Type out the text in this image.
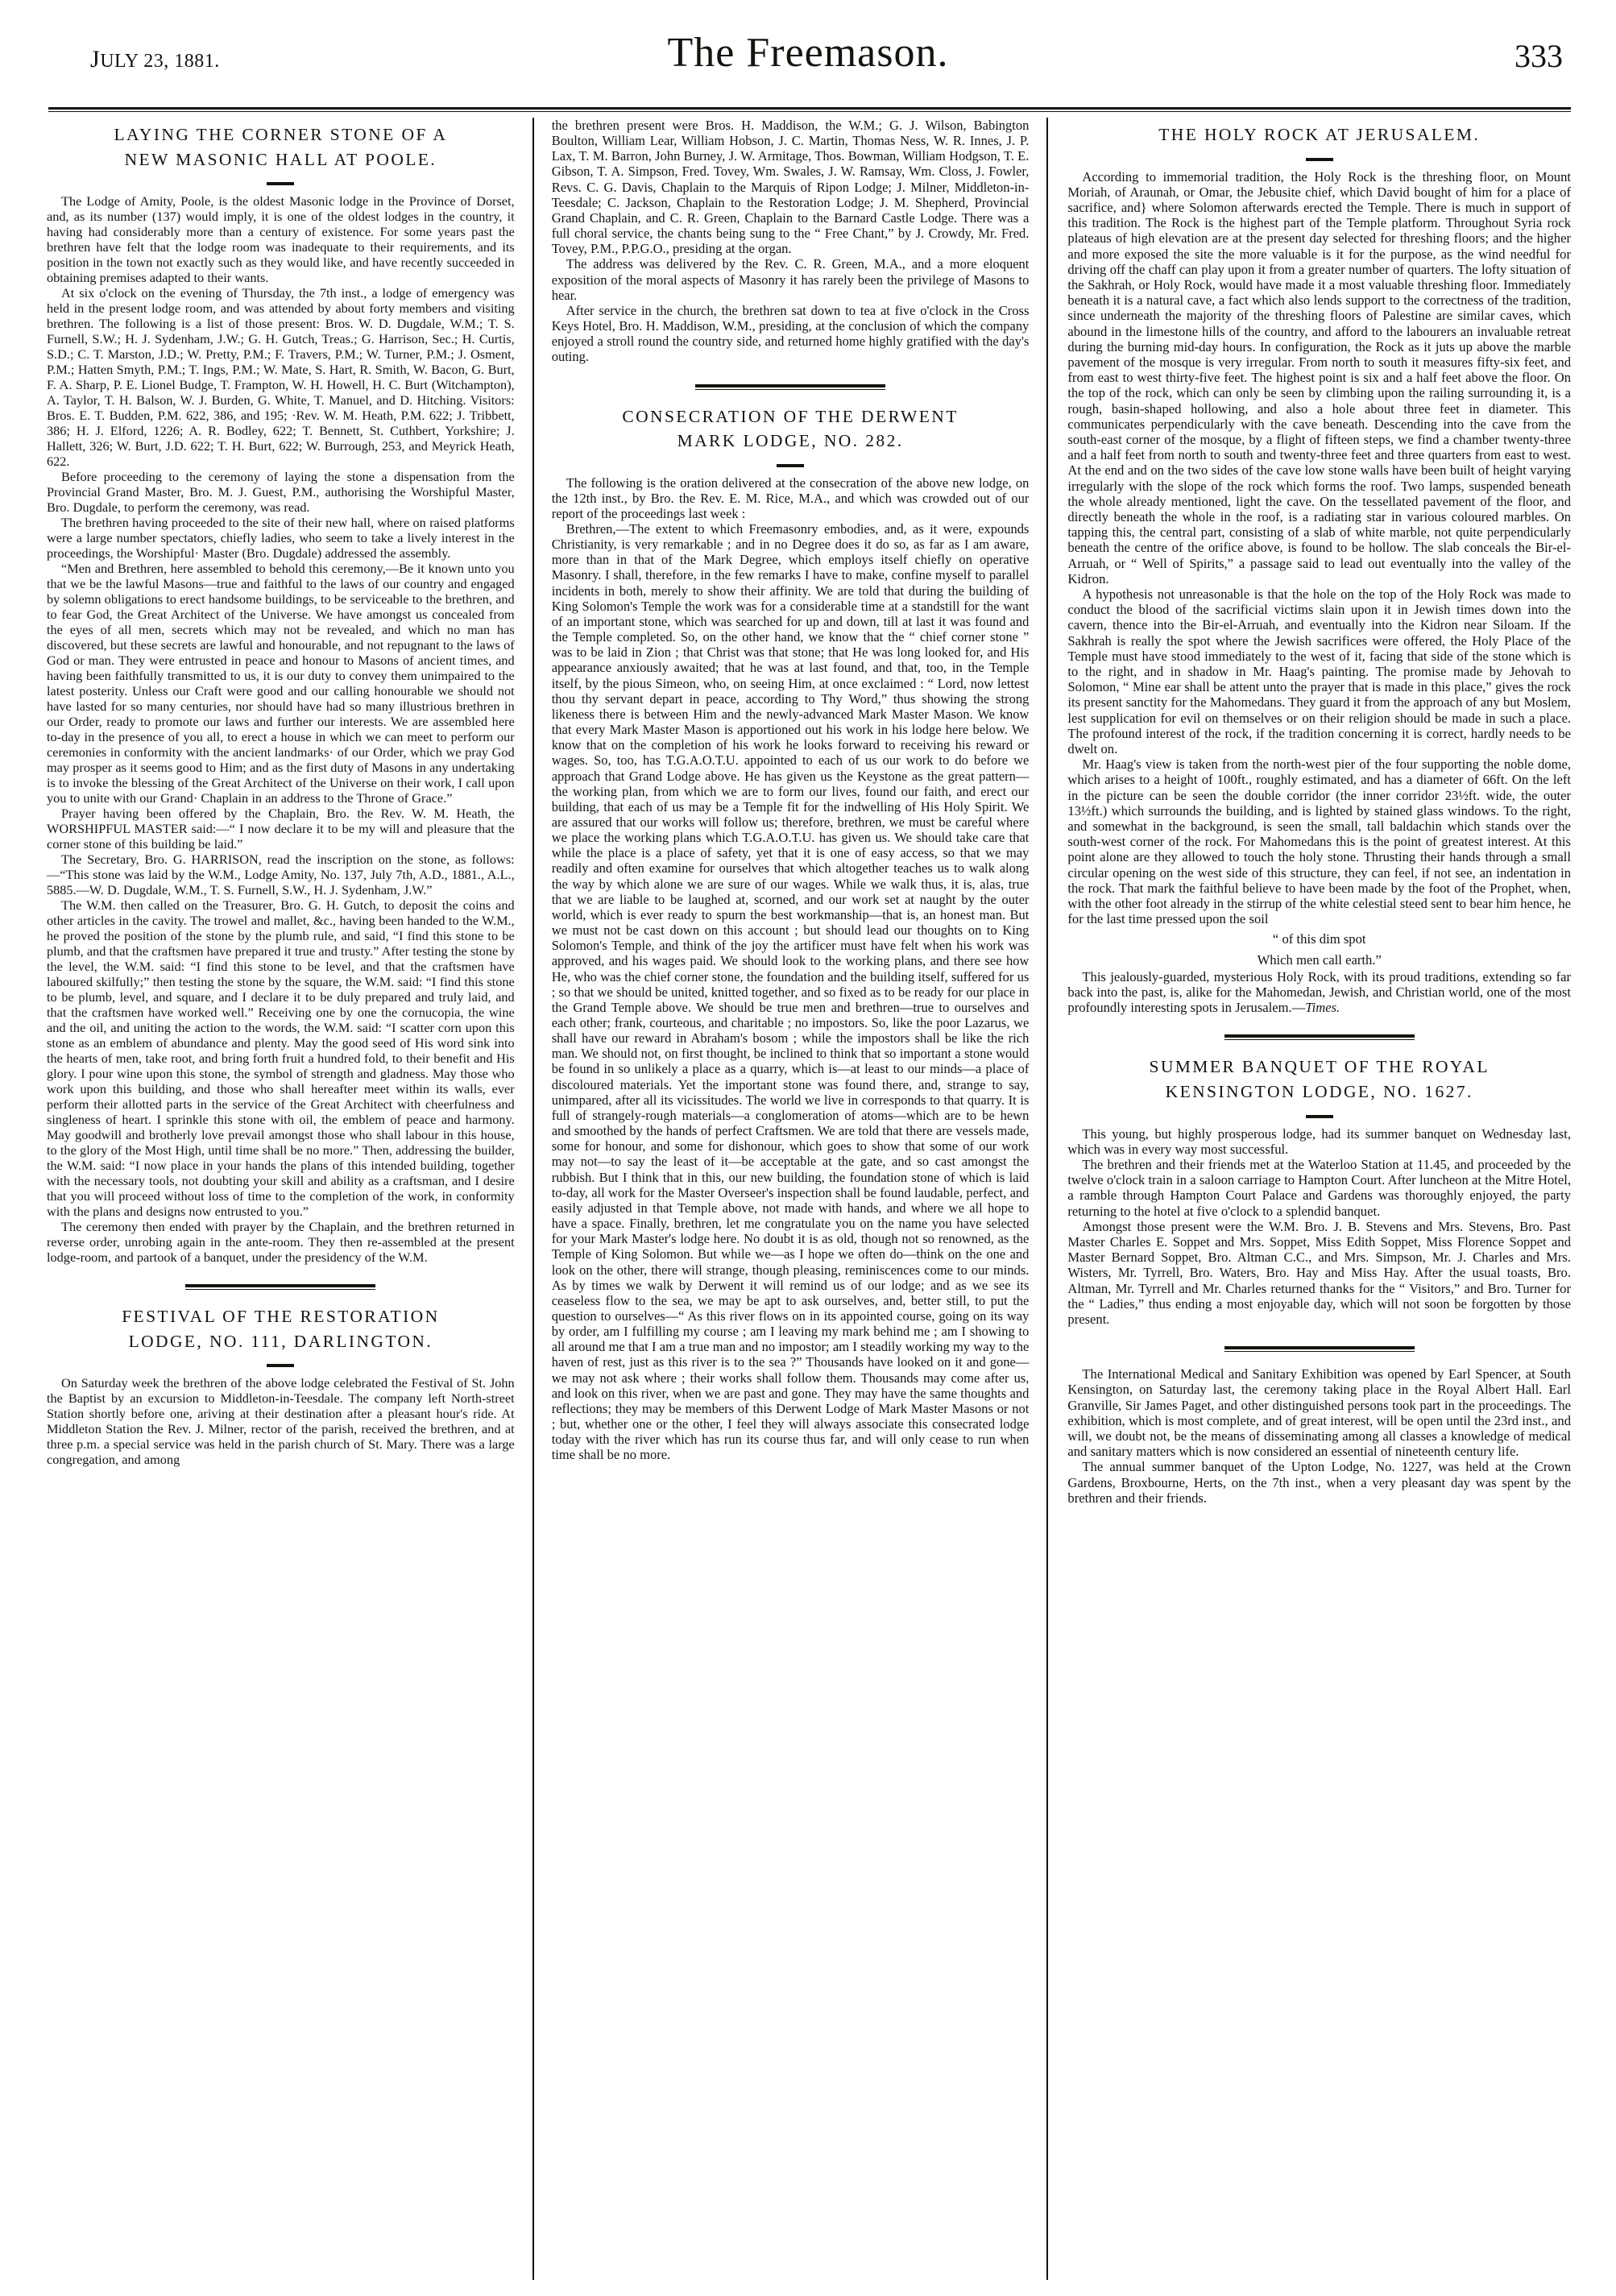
JULY 23, 1881.	333
The Freemason.
LAYING THE CORNER STONE OF A
NEW MASONIC HALL AT POOLE.

The Lodge of Amity, Poole, is the oldest Masonic lodge in the Province of Dorset, and, as its number (137) would imply, it is one of the oldest lodges in the country, it having had considerably more than a century of existence. For some years past the brethren have felt that the lodge room was inadequate to their requirements, and its position in the town not exactly such as they would like, and have recently succeeded in obtaining premises adapted to their wants.

At six o'clock on the evening of Thursday, the 7th inst., a lodge of emergency was held in the present lodge room, and was attended by about forty members and visiting brethren. The following is a list of those present: Bros. W. D. Dugdale, W.M.; T. S. Furnell, S.W.; H. J. Sydenham, J.W.; G. H. Gutch, Treas.; G. Harrison, Sec.; H. Curtis, S.D.; C. T. Marston, J.D.; W. Pretty, P.M.; F. Travers, P.M.; W. Turner, P.M.; J. Osment, P.M.; Hatten Smyth, P.M.; T. Ings, P.M.; W. Mate, S. Hart, R. Smith, W. Bacon, G. Burt, F. A. Sharp, P. E. Lionel Budge, T. Frampton, W. H. Howell, H. C. Burt (Witchampton), A. Taylor, T. H. Balson, W. J. Burden, G. White, T. Manuel, and D. Hitching. Visitors: Bros. E. T. Budden, P.M. 622, 386, and 195; ·Rev. W. M. Heath, P.M. 622; J. Tribbett, 386; H. J. Elford, 1226; A. R. Bodley, 622; T. Bennett, St. Cuthbert, Yorkshire; J. Hallett, 326; W. Burt, J.D. 622; T. H. Burt, 622; W. Burrough, 253, and Meyrick Heath, 622.

Before proceeding to the ceremony of laying the stone a dispensation from the Provincial Grand Master, Bro. M. J. Guest, P.M., authorising the Worshipful Master, Bro. Dugdale, to perform the ceremony, was read.

The brethren having proceeded to the site of their new hall, where on raised platforms were a large number spectators, chiefly ladies, who seem to take a lively interest in the proceedings, the Worshipful· Master (Bro. Dugdale) addressed the assembly.

“Men and Brethren, here assembled to behold this ceremony,—Be it known unto you that we be the lawful Masons—true and faithful to the laws of our country and engaged by solemn obligations to erect handsome buildings, to be serviceable to the brethren, and to fear God, the Great Architect of the Universe. We have amongst us concealed from the eyes of all men, secrets which may not be revealed, and which no man has discovered, but these secrets are lawful and honourable, and not repugnant to the laws of God or man. They were entrusted in peace and honour to Masons of ancient times, and having been faithfully transmitted to us, it is our duty to convey them unimpaired to the latest posterity. Unless our Craft were good and our calling honourable we should not have lasted for so many centuries, nor should have had so many illustrious brethren in our Order, ready to promote our laws and further our interests. We are assembled here to-day in the presence of you all, to erect a house in which we can meet to perform our ceremonies in conformity with the ancient landmarks· of our Order, which we pray God may prosper as it seems good to Him; and as the first duty of Masons in any undertaking is to invoke the blessing of the Great Architect of the Universe on their work, I call upon you to unite with our Grand· Chaplain in an address to the Throne of Grace.”

Prayer having been offered by the Chaplain, Bro. the Rev. W. M. Heath, the WORSHIPFUL MASTER said:—“ I now declare it to be my will and pleasure that the corner stone of this building be laid.”

The Secretary, Bro. G. HARRISON, read the inscription on the stone, as follows:—“This stone was laid by the W.M., Lodge Amity, No. 137, July 7th, A.D., 1881., A.L., 5885.—W. D. Dugdale, W.M., T. S. Furnell, S.W., H. J. Sydenham, J.W.”

The W.M. then called on the Treasurer, Bro. G. H. Gutch, to deposit the coins and other articles in the cavity. The trowel and mallet, &c., having been handed to the W.M., he proved the position of the stone by the plumb rule, and said, “I find this stone to be plumb, and that the craftsmen have prepared it true and trusty.” After testing the stone by the level, the W.M. said: “I find this stone to be level, and that the craftsmen have laboured skilfully;” then testing the stone by the square, the W.M. said: “I find this stone to be plumb, level, and square, and I declare it to be duly prepared and truly laid, and that the craftsmen have worked well.” Receiving one by one the cornucopia, the wine and the oil, and uniting the action to the words, the W.M. said: “I scatter corn upon this stone as an emblem of abundance and plenty. May the good seed of His word sink into the hearts of men, take root, and bring forth fruit a hundred fold, to their benefit and His glory. I pour wine upon this stone, the symbol of strength and gladness. May those who work upon this building, and those who shall hereafter meet within its walls, ever perform their allotted parts in the service of the Great Architect with cheerfulness and singleness of heart. I sprinkle this stone with oil, the emblem of peace and harmony. May goodwill and brotherly love prevail amongst those who shall labour in this house, to the glory of the Most High, until time shall be no more.” Then, addressing the builder, the W.M. said: “I now place in your hands the plans of this intended building, together with the necessary tools, not doubting your skill and ability as a craftsman, and I desire that you will proceed without loss of time to the completion of the work, in conformity with the plans and designs now entrusted to you.”

The ceremony then ended with prayer by the Chaplain, and the brethren returned in reverse order, unrobing again in the ante-room. They then re-assembled at the present lodge-room, and partook of a banquet, under the presidency of the W.M.

FESTIVAL OF THE RESTORATION
LODGE, NO. 111, DARLINGTON.

On Saturday week the brethren of the above lodge celebrated the Festival of St. John the Baptist by an excursion to Middleton-in-Teesdale. The company left North-street Station shortly before one, ariving at their destination after a pleasant hour's ride. At Middleton Station the Rev. J. Milner, rector of the parish, received the brethren, and at three p.m. a special service was held in the parish church of St. Mary. There was a large congregation, and among

the brethren present were Bros. H. Maddison, the W.M.; G. J. Wilson, Babington Boulton, William Lear, William Hobson, J. C. Martin, Thomas Ness, W. R. Innes, J. P. Lax, T. M. Barron, John Burney, J. W. Armitage, Thos. Bowman, William Hodgson, T. E. Gibson, T. A. Simpson, Fred. Tovey, Wm. Swales, J. W. Ramsay, Wm. Closs, J. Fowler, Revs. C. G. Davis, Chaplain to the Marquis of Ripon Lodge; J. Milner, Middleton-in-Teesdale; C. Jackson, Chaplain to the Restoration Lodge; J. M. Shepherd, Provincial Grand Chaplain, and C. R. Green, Chaplain to the Barnard Castle Lodge. There was a full choral service, the chants being sung to the “ Free Chant,” by J. Crowdy, Mr. Fred. Tovey, P.M., P.P.G.O., presiding at the organ.

The address was delivered by the Rev. C. R. Green, M.A., and a more eloquent exposition of the moral aspects of Masonry it has rarely been the privilege of Masons to hear.

After service in the church, the brethren sat down to tea at five o'clock in the Cross Keys Hotel, Bro. H. Maddison, W.M., presiding, at the conclusion of which the company enjoyed a stroll round the country side, and returned home highly gratified with the day's outing.

CONSECRATION OF THE DERWENT
MARK LODGE, NO. 282.

The following is the oration delivered at the consecration of the above new lodge, on the 12th inst., by Bro. the Rev. E. M. Rice, M.A., and which was crowded out of our report of the proceedings last week :

Brethren,—The extent to which Freemasonry embodies, and, as it were, expounds Christianity, is very remarkable ; and in no Degree does it do so, as far as I am aware, more than in that of the Mark Degree, which employs itself chiefly on operative Masonry. I shall, therefore, in the few remarks I have to make, confine myself to parallel incidents in both, merely to show their affinity. We are told that during the building of King Solomon's Temple the work was for a considerable time at a standstill for the want of an important stone, which was searched for up and down, till at last it was found and the Temple completed. So, on the other hand, we know that the “ chief corner stone ” was to be laid in Zion ; that Christ was that stone; that He was long looked for, and His appearance anxiously awaited; that he was at last found, and that, too, in the Temple itself, by the pious Simeon, who, on seeing Him, at once exclaimed : “ Lord, now lettest thou thy servant depart in peace, according to Thy Word,” thus showing the strong likeness there is between Him and the newly-advanced Mark Master Mason. We know that every Mark Master Mason is apportioned out his work in his lodge here below. We know that on the completion of his work he looks forward to receiving his reward or wages. So, too, has T.G.A.O.T.U. appointed to each of us our work to do before we approach that Grand Lodge above. He has given us the Keystone as the great pattern—the working plan, from which we are to form our lives, found our faith, and erect our building, that each of us may be a Temple fit for the indwelling of His Holy Spirit. We are assured that our works will follow us; therefore, brethren, we must be careful where we place the working plans which T.G.A.O.T.U. has given us. We should take care that while the place is a place of safety, yet that it is one of easy access, so that we may readily and often examine for ourselves that which altogether teaches us to walk along the way by which alone we are sure of our wages. While we walk thus, it is, alas, true that we are liable to be laughed at, scorned, and our work set at naught by the outer world, which is ever ready to spurn the best workmanship—that is, an honest man. But we must not be cast down on this account ; but should lead our thoughts on to King Solomon's Temple, and think of the joy the artificer must have felt when his work was approved, and his wages paid. We should look to the working plans, and there see how He, who was the chief corner stone, the foundation and the building itself, suffered for us ; so that we should be united, knitted together, and so fixed as to be ready for our place in the Grand Temple above. We should be true men and brethren—true to ourselves and each other; frank, courteous, and charitable ; no impostors. So, like the poor Lazarus, we shall have our reward in Abraham's bosom ; while the impostors shall be like the rich man. We should not, on first thought, be inclined to think that so important a stone would be found in so unlikely a place as a quarry, which is—at least to our minds—a place of discoloured materials. Yet the important stone was found there, and, strange to say, unimpared, after all its vicissitudes. The world we live in corresponds to that quarry. It is full of strangely-rough materials—a conglomeration of atoms—which are to be hewn and smoothed by the hands of perfect Craftsmen. We are told that there are vessels made, some for honour, and some for dishonour, which goes to show that some of our work may not—to say the least of it—be acceptable at the gate, and so cast amongst the rubbish. But I think that in this, our new building, the foundation stone of which is laid to-day, all work for the Master Overseer's inspection shall be found laudable, perfect, and easily adjusted in that Temple above, not made with hands, and where we all hope to have a space. Finally, brethren, let me congratulate you on the name you have selected for your Mark Master's lodge here. No doubt it is as old, though not so renowned, as the Temple of King Solomon. But while we—as I hope we often do—think on the one and look on the other, there will strange, though pleasing, reminiscences come to our minds. As by times we walk by Derwent it will remind us of our lodge; and as we see its ceaseless flow to the sea, we may be apt to ask ourselves, and, better still, to put the question to ourselves—“ As this river flows on in its appointed course, going on its way by order, am I fulfilling my course ; am I leaving my mark behind me ; am I showing to all around me that I am a true man and no impostor; am I steadily working my way to the haven of rest, just as this river is to the sea ?” Thousands have looked on it and gone—we may not ask where ; their works shall follow them. Thousands may come after us, and look on this river, when we are past and gone. They may have the same thoughts and reflections; they may be members of this Derwent Lodge of Mark Master Masons or not ; but, whether one or the other, I feel they will always associate this consecrated lodge today with the river which has run its course thus far, and will only cease to run when time shall be no more.

THE HOLY ROCK AT JERUSALEM.

According to immemorial tradition, the Holy Rock is the threshing floor, on Mount Moriah, of Araunah, or Omar, the Jebusite chief, which David bought of him for a place of sacrifice, and} where Solomon afterwards erected the Temple. There is much in support of this tradition. The Rock is the highest part of the Temple platform. Throughout Syria rock plateaus of high elevation are at the present day selected for threshing floors; and the higher and more exposed the site the more valuable is it for the purpose, as the wind needful for driving off the chaff can play upon it from a greater number of quarters. The lofty situation of the Sakhrah, or Holy Rock, would have made it a most valuable threshing floor. Immediately beneath it is a natural cave, a fact which also lends support to the correctness of the tradition, since underneath the majority of the threshing floors of Palestine are similar caves, which abound in the limestone hills of the country, and afford to the labourers an invaluable retreat during the burning mid-day hours. In configuration, the Rock as it juts up above the marble pavement of the mosque is very irregular. From north to south it measures fifty-six feet, and from east to west thirty-five feet. The highest point is six and a half feet above the floor. On the top of the rock, which can only be seen by climbing upon the railing surrounding it, is a rough, basin-shaped hollowing, and also a hole about three feet in diameter. This communicates perpendicularly with the cave beneath. Descending into the cave from the south-east corner of the mosque, by a flight of fifteen steps, we find a chamber twenty-three and a half feet from north to south and twenty-three feet and three quarters from east to west. At the end and on the two sides of the cave low stone walls have been built of height varying irregularly with the slope of the rock which forms the roof. Two lamps, suspended beneath the whole already mentioned, light the cave. On the tessellated pavement of the floor, and directly beneath the whole in the roof, is a radiating star in various coloured marbles. On tapping this, the central part, consisting of a slab of white marble, not quite perpendicularly beneath the centre of the orifice above, is found to be hollow. The slab conceals the Bir-el-Arruah, or “ Well of Spirits,” a passage said to lead out eventually into the valley of the Kidron.

A hypothesis not unreasonable is that the hole on the top of the Holy Rock was made to conduct the blood of the sacrificial victims slain upon it in Jewish times down into the cavern, thence into the Bir-el-Arruah, and eventually into the Kidron near Siloam. If the Sakhrah is really the spot where the Jewish sacrifices were offered, the Holy Place of the Temple must have stood immediately to the west of it, facing that side of the stone which is to the right, and in shadow in Mr. Haag's painting. The promise made by Jehovah to Solomon, “ Mine ear shall be attent unto the prayer that is made in this place,” gives the rock its present sanctity for the Mahomedans. They guard it from the approach of any but Moslem, lest supplication for evil on themselves or on their religion should be made in such a place. The profound interest of the rock, if the tradition concerning it is correct, hardly needs to be dwelt on.

Mr. Haag's view is taken from the north-west pier of the four supporting the noble dome, which arises to a height of 100ft., roughly estimated, and has a diameter of 66ft. On the left in the picture can be seen the double corridor (the inner corridor 23½ft. wide, the outer 13½ft.) which surrounds the building, and is lighted by stained glass windows. To the right, and somewhat in the background, is seen the small, tall baldachin which stands over the south-west corner of the rock. For Mahomedans this is the point of greatest interest. At this point alone are they allowed to touch the holy stone. Thrusting their hands through a small circular opening on the west side of this structure, they can feel, if not see, an indentation in the rock. That mark the faithful believe to have been made by the foot of the Prophet, when, with the other foot already in the stirrup of the white celestial steed sent to bear him hence, he for the last time pressed upon the soil

“ of this dim spot

Which men call earth.”

This jealously-guarded, mysterious Holy Rock, with its proud traditions, extending so far back into the past, is, alike for the Mahomedan, Jewish, and Christian world, one of the most profoundly interesting spots in Jerusalem.—Times.

SUMMER BANQUET OF THE ROYAL
KENSINGTON LODGE, NO. 1627.

This young, but highly prosperous lodge, had its summer banquet on Wednesday last, which was in every way most successful.

The brethren and their friends met at the Waterloo Station at 11.45, and proceeded by the twelve o'clock train in a saloon carriage to Hampton Court. After luncheon at the Mitre Hotel, a ramble through Hampton Court Palace and Gardens was thoroughly enjoyed, the party returning to the hotel at five o'clock to a splendid banquet.

Amongst those present were the W.M. Bro. J. B. Stevens and Mrs. Stevens, Bro. Past Master Charles E. Soppet and Mrs. Soppet, Miss Edith Soppet, Miss Florence Soppet and Master Bernard Soppet, Bro. Altman C.C., and Mrs. Simpson, Mr. J. Charles and Mrs. Wisters, Mr. Tyrrell, Bro. Waters, Bro. Hay and Miss Hay. After the usual toasts, Bro. Altman, Mr. Tyrrell and Mr. Charles returned thanks for the “ Visitors,” and Bro. Turner for the “ Ladies,” thus ending a most enjoyable day, which will not soon be forgotten by those present.

The International Medical and Sanitary Exhibition was opened by Earl Spencer, at South Kensington, on Saturday last, the ceremony taking place in the Royal Albert Hall. Earl Granville, Sir James Paget, and other distinguished persons took part in the proceedings. The exhibition, which is most complete, and of great interest, will be open until the 23rd inst., and will, we doubt not, be the means of disseminating among all classes a knowledge of medical and sanitary matters which is now considered an essential of nineteenth century life.

The annual summer banquet of the Upton Lodge, No. 1227, was held at the Crown Gardens, Broxbourne, Herts, on the 7th inst., when a very pleasant day was spent by the brethren and their friends.
